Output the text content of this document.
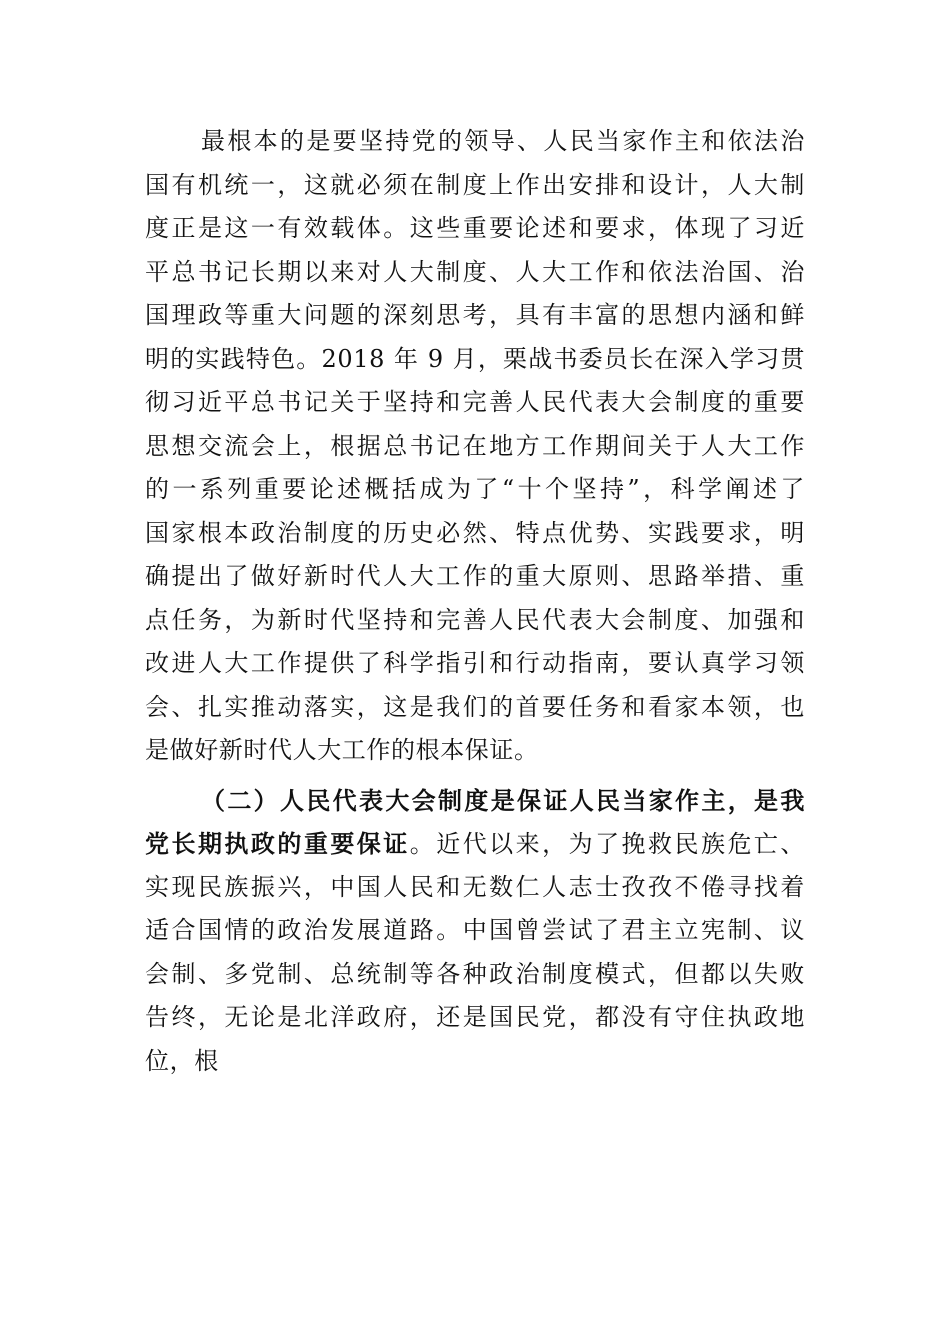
最根本的是要坚持党的领导、人民当家作主和依法治
国有机统一，这就必须在制度上作出安排和设计，人大制
度正是这一有效载体。这些重要论述和要求，体现了习近
平总书记长期以来对人大制度、人大工作和依法治国、治
国理政等重大问题的深刻思考，具有丰富的思想内涵和鲜
明的实践特色。2018 年 9 月，栗战书委员长在深入学习贯
彻习近平总书记关于坚持和完善人民代表大会制度的重要
思想交流会上，根据总书记在地方工作期间关于人大工作
的一系列重要论述概括成为了“十个坚持”，科学阐述了
国家根本政治制度的历史必然、特点优势、实践要求，明
确提出了做好新时代人大工作的重大原则、思路举措、重
点任务，为新时代坚持和完善人民代表大会制度、加强和
改进人大工作提供了科学指引和行动指南，要认真学习领
会、扎实推动落实，这是我们的首要任务和看家本领，也
是做好新时代人大工作的根本保证。
（二）人民代表大会制度是保证人民当家作主，是我
党长期执政的重要保证。近代以来，为了挽救民族危亡、
实现民族振兴，中国人民和无数仁人志士孜孜不倦寻找着
适合国情的政治发展道路。中国曾尝试了君主立宪制、议
会制、多党制、总统制等各种政治制度模式，但都以失败
告终，无论是北洋政府，还是国民党，都没有守住执政地
位，根
